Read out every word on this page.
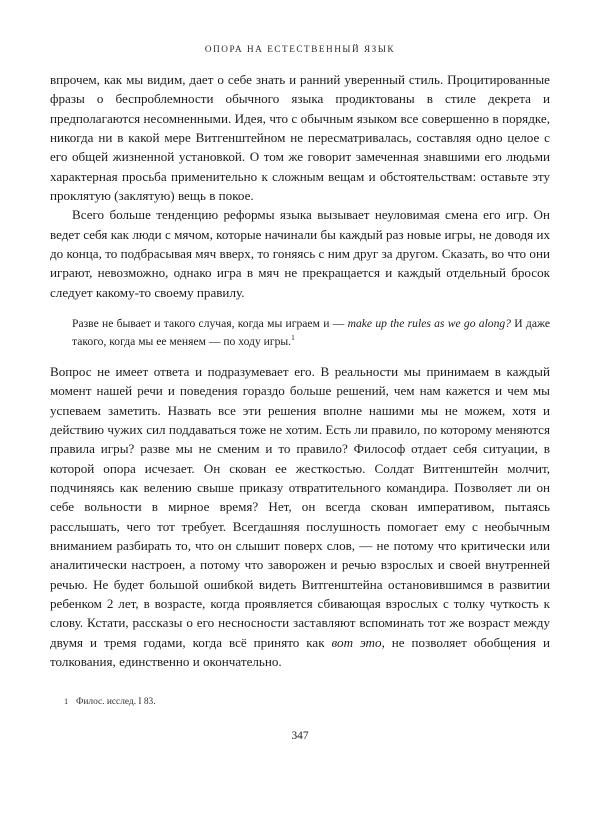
ОПОРА НА ЕСТЕСТВЕННЫЙ ЯЗЫК

впрочем, как мы видим, дает о себе знать и ранний уверенный стиль. Процитированные фразы о беспроблемности обычного языка продиктованы в стиле декрета и предполагаются несомненными. Идея, что с обычным языком все совершенно в порядке, никогда ни в какой мере Витгенштейном не пересматривалась, составляя одно целое с его общей жизненной установкой. О том же говорит замеченная знавшими его людьми характерная просьба применительно к сложным вещам и обстоятельствам: оставьте эту проклятую (заклятую) вещь в покое.

Всего больше тенденцию реформы языка вызывает неуловимая смена его игр. Он ведет себя как люди с мячом, которые начинали бы каждый раз новые игры, не доводя их до конца, то подбрасывая мяч вверх, то гоняясь с ним друг за другом. Сказать, во что они играют, невозможно, однако игра в мяч не прекращается и каждый отдельный бросок следует какому-то своему правилу.

Разве не бывает и такого случая, когда мы играем и — make up the rules as we go along? И даже такого, когда мы ее меняем — по ходу игры.$^1$

Вопрос не имеет ответа и подразумевает его. В реальности мы принимаем в каждый момент нашей речи и поведения гораздо больше решений, чем нам кажется и чем мы успеваем заметить. Назвать все эти решения вполне нашими мы не можем, хотя и действию чужих сил поддаваться тоже не хотим. Есть ли правило, по которому меняются правила игры? разве мы не сменим и то правило? Философ отдает себя ситуации, в которой опора исчезает. Он скован ее жесткостью. Солдат Витгенштейн молчит, подчиняясь как велению свыше приказу отвратительного командира. Позволяет ли он себе вольности в мирное время? Нет, он всегда скован императивом, пытаясь расслышать, чего тот требует. Всегдашняя послушность помогает ему с необычным вниманием разбирать то, что он слышит поверх слов, — не потому что критически или аналитически настроен, а потому что заворожен и речью взрослых и своей внутренней речью. Не будет большой ошибкой видеть Витгенштейна остановившимся в развитии ребенком 2 лет, в возрасте, когда проявляется сбивающая взрослых с толку чуткость к слову. Кстати, рассказы о его несносности заставляют вспоминать тот же возраст между двумя и тремя годами, когда всё принято как вот это, не позволяет обобщения и толкования, единственно и окончательно.

1 Филос. исслед. I 83.
347
